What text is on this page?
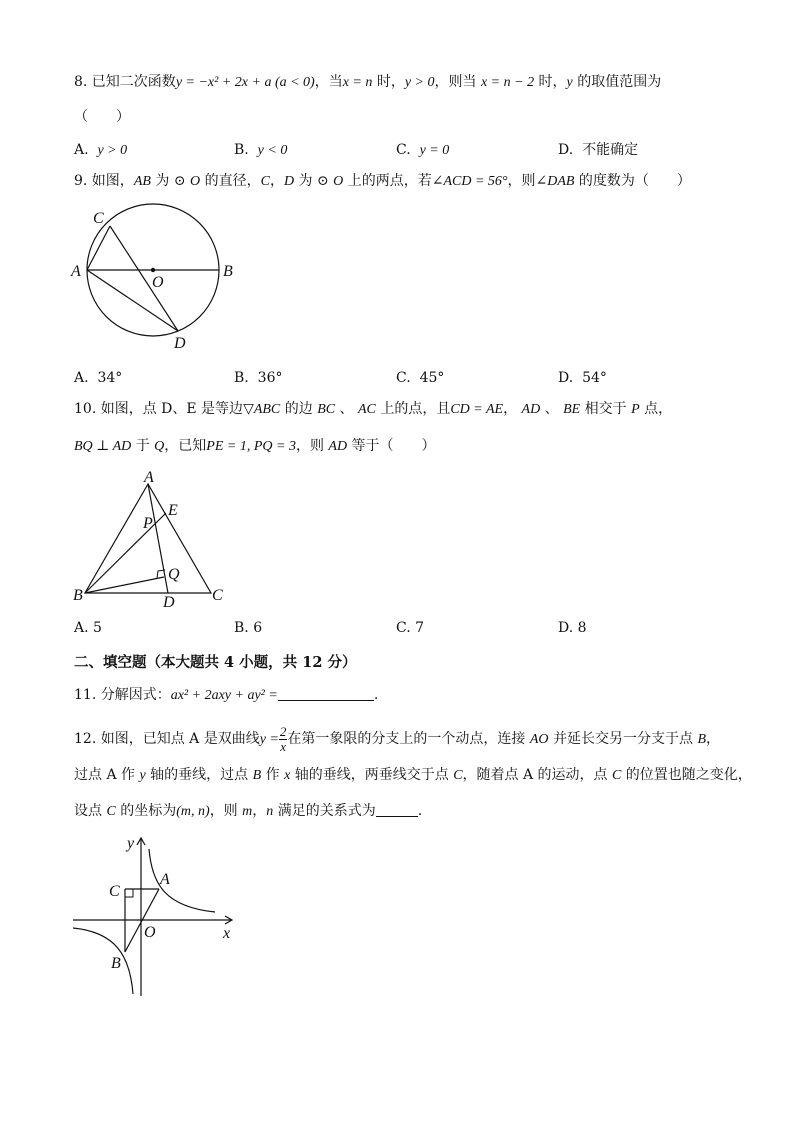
8. 已知二次函数y = −x² + 2x + a (a < 0)，当x = n 时，y > 0，则当 x = n − 2 时，y 的取值范围为
（　　）
A. y > 0	B. y < 0	C. y = 0	D. 不能确定
9. 如图，AB 为 ⊙ O 的直径，C，D 为 ⊙ O 上的两点，若∠ACD = 56°，则∠DAB 的度数为（　　）
C
A
O
B
D
A. 34°	B. 36°	C. 45°	D. 54°
10. 如图，点 D、E 是等边▽ABC 的边 BC 、 AC 上的点，且CD = AE， AD 、 BE 相交于 P 点，
BQ ⊥ AD 于 Q，已知PE = 1, PQ = 3，则 AD 等于（　　）
A
E
P
Q
B	D C
A. 5	B. 6	C. 7	D. 8
二、填空题（本大题共 4 小题，共 12 分）
11. 分解因式：ax² + 2axy + ay² =	.
12. 如图，已知点 A 是双曲线$y = \frac{2}{x}$ 在第一象限的分支上的一个动点，连接 AO 并延长交另一分支于点 B，
过点 A 作 y 轴的垂线，过点 B 作 x 轴的垂线，两垂线交于点 C，随着点 A 的运动，点 C 的位置也随之变化，
设点 C 的坐标为(m, n)，则 m，n 满足的关系式为	.
y
x
C
A
O
B
